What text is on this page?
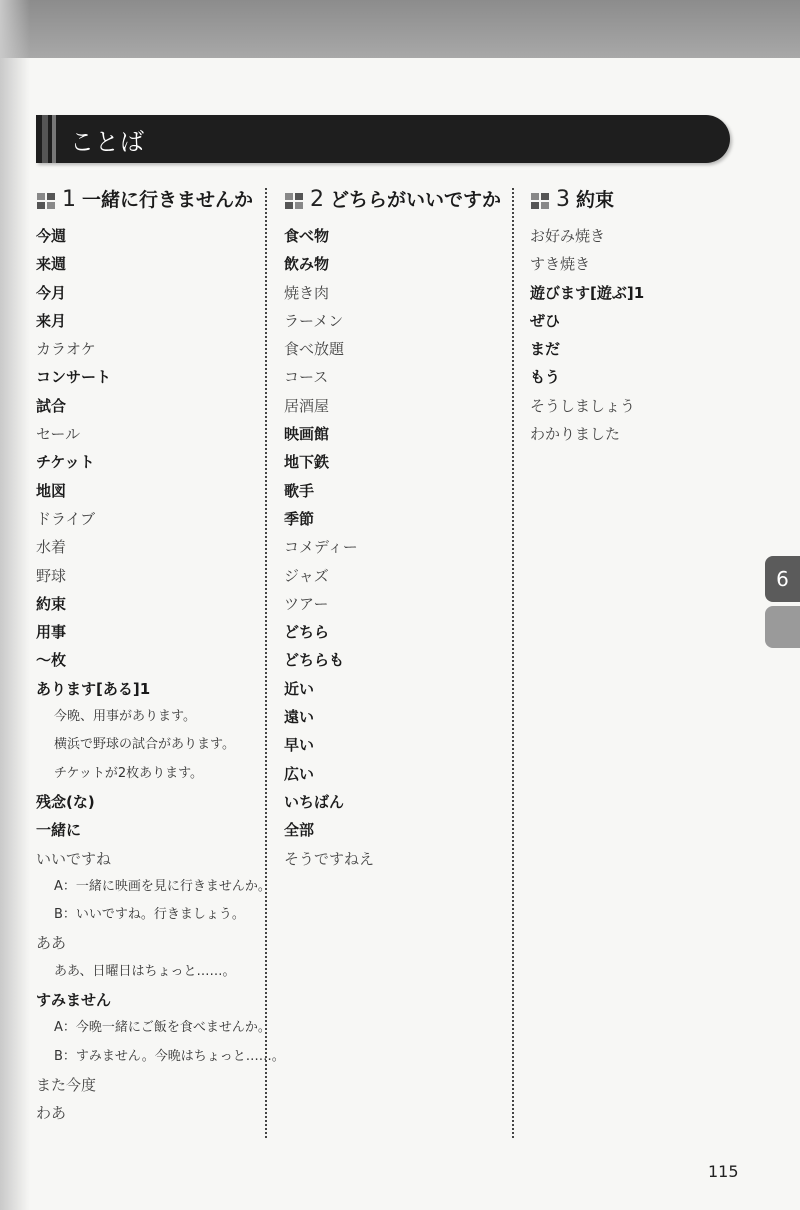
ことば
1 一緒に行きませんか
今週
来週
今月
来月
カラオケ
コンサート
試合
セール
チケット
地図
ドライブ
水着
野球
約束
用事
～枚
あります[ある]1
今晩、用事があります。
横浜で野球の試合があります。
チケットが2枚あります。
残念(な)
一緒に
いいですね
A：一緒に映画を見に行きませんか。
B：いいですね。行きましょう。
ああ
ああ、日曜日はちょっと……。
すみません
A：今晩一緒にご飯を食べませんか。
B：すみません。今晩はちょっと……。
また今度
わあ
2 どちらがいいですか
食べ物
飲み物
焼き肉
ラーメン
食べ放題
コース
居酒屋
映画館
地下鉄
歌手
季節
コメディー
ジャズ
ツアー
どちら
どちらも
近い
遠い
早い
広い
いちばん
全部
そうですねえ
3 約束
お好み焼き
すき焼き
遊びます[遊ぶ]1
ぜひ
まだ
もう
そうしましょう
わかりました
6
115
